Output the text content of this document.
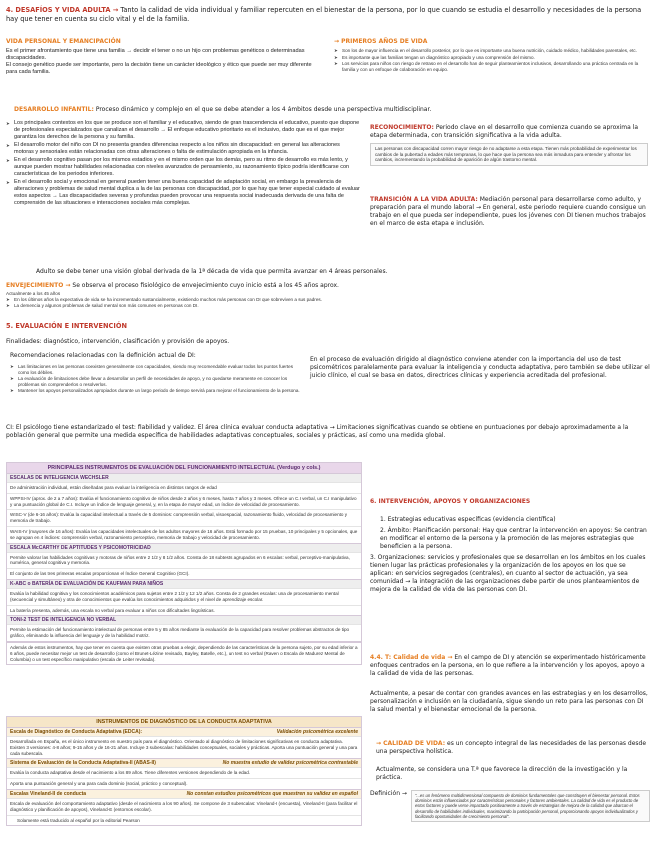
4. DESAFÍOS Y VIDA ADULTA → Tanto la calidad de vida individual y familiar repercuten en el bienestar de la persona, por lo que cuando se estudia el desarrollo y necesidades de la persona hay que tener en cuenta su ciclo vital y el de la familia.
VIDA PERSONAL Y EMANCIPACIÓN
Es el primer afrontamiento que tiene una familia → decidir el tener o no un hijo con problemas genéticos o determinadas discapacidades.
El consejo genético puede ser importante, pero la decisión tiene un carácter ideológico y ético que puede ser muy diferente para cada familia.
→ PRIMEROS AÑOS DE VIDA
➤ Son los de mayor influencia en el desarrollo posterior, por lo que es importante una buena nutrición, cuidado médico, habilidades parentales, etc.
➤ Es importante que las familias tengan un diagnóstico apropiado y una comprensión del mismo.
➤ Los servicios para niños con riesgo de retraso en el desarrollo han de seguir planteamientos inclusivos, desarrollando una práctica centrada en la familia y con un enfoque de colaboración en equipo.
DESARROLLO INFANTIL: Proceso dinámico y complejo en el que se debe atender a los 4 ámbitos desde una perspectiva multidisciplinar.
➤ Los principales contextos en los que se produce son el familiar y el educativo, siendo de gran trascendencia el educativo, puesto que dispone de profesionales especializados que canalizan el desarrollo → El enfoque educativo prioritario es el inclusivo, dado que es el que mejor garantiza los derechos de la persona y su familia.
➤ El desarrollo motor del niño con DI no presenta grandes diferencias respecto a los niños sin discapacidad: en general las alteraciones motoras y sensoriales están relacionadas con otras alteraciones o falta de estimulación apropiada en la infancia.
➤ En el desarrollo cognitivo pasan por los mismos estadios y en el mismo orden que los demás, pero su ritmo de desarrollo es más lento, y aunque pueden mostrar habilidades relacionadas con niveles avanzados de pensamiento, su razonamiento típico podría identificarse con características de los periodos inferiores.
➤ En el desarrollo social y emocional en general pueden tener una buena capacidad de adaptación social, en embargo la prevalencia de alteraciones y problemas de salud mental duplica a la de las personas con discapacidad, por lo que hay que tener especial cuidado al evaluar estos aspectos → Las discapacidades severas y profundas pueden provocar una respuesta social inadecuada derivada de una falta de comprensión de las situaciones e interacciones sociales más complejas.
RECONOCIMIENTO: Periodo clave en el desarrollo que comienza cuando se aproxima la etapa determinada, con transición significativa a la vida adulta.
Las personas con discapacidad corren mayor riesgo de no adaptarse a esta etapa. Tienen más probabilidad de experimentar los cambios de la pubertad a edades más tempranas, lo que hace que la persona sea más inmadura para entender y afrontar los cambios, incrementando la probabilidad de aparición de algún trastorno mental.
TRANSICIÓN A LA VIDA ADULTA: Mediación personal para desarrollarse como adulto, y preparación para el mundo laboral → En general, este periodo requiere cuando consigue un trabajo en el que pueda ser independiente, pues los jóvenes con DI tienen muchos trabajos en el marco de esta etapa e inclusión.
Adulto se debe tener una visión global derivada de la 1ª década de vida que permita avanzar en 4 áreas personales.
ENVEJECIMIENTO → Se observa el proceso fisiológico de envejecimiento cuyo inicio está a los 45 años aprox.
Actualmente a los 45 años
➤ En los últimos años la expectativa de vida se ha incrementado sustancialmente, existiendo muchos más personas con DI que sobreviven a sus padres.
➤ La demencia y algunos problemas de salud mental son más comunes en personas con DI.
5. EVALUACIÓN E INTERVENCIÓN
Finalidades: diagnóstico, intervención, clasificación y provisión de apoyos.
Recomendaciones relacionadas con la definición actual de DI:
➤ Las limitaciones en las personas coexisten generalmente con capacidades, siendo muy recomendable evaluar todos los puntos fuertes como los débiles.
➤ La evaluación de limitaciones debe llevar a desarrollar un perfil de necesidades de apoyo, y no quedarse meramente en conocer los problemas sin comprenderlos o resolverlos.
➤ Mantener los apoyos personalizados apropiados durante un largo periodo de tiempo servirá para mejorar el funcionamiento de la persona.
En el proceso de evaluación dirigido al diagnóstico conviene atender con la importancia del uso de test psicométricos paralelamente para evaluar la inteligencia y conducta adaptativa, pero también se debe utilizar el juicio clínico, el cual se basa en datos, directrices clínicas y experiencia acreditada del profesional.
CI: El psicólogo tiene estandarizado el test: fiabilidad y validez. El área clínica evaluar conducta adaptativa → Limitaciones significativas cuando se obtiene en puntuaciones por debajo aproximadamente a la población general que permite una medida específica de habilidades adaptativas conceptuales, sociales y prácticas, así como una medida global.
PRINCIPALES INSTRUMENTOS DE EVALUACIÓN DEL FUNCIONAMIENTO INTELECTUAL (Verdugo y cols.)
ESCALAS DE INTELIGENCIA WECHSLER
De administración individual, están diseñadas para evaluar la inteligencia en distintos rangos de edad
WPPSI-IV (aprox. de 2 a 7 años): Evalúa el funcionamiento cognitivo de niños desde 2 años y 6 meses, hasta 7 años y 3 meses. Ofrece un C.I verbal, un C.I manipulativo y una puntuación global de C.I. Incluye un índice de lenguaje general, y, en la etapa de mayor edad, un índice de velocidad de procesamiento.
WISC-V (de 6-16 años): Evalúa la capacidad intelectual a través de 5 dominios: comprensión verbal, visoespacial, razonamiento fluido, velocidad de procesamiento y memoria de trabajo.
WAIS-IV (mayores de 16 años): Evalúa las capacidades intelectuales de los adultos mayores de 16 años. Está formado por 15 pruebas, 10 principales y 5 opcionales, que se agrupan en 4 índices: comprensión verbal, razonamiento perceptivo, memoria de trabajo y velocidad de procesamiento.
ESCALA McCARTHY DE APTITUDES Y PSICOMOTRICIDAD
Permite valorar las habilidades cognitivas y motoras de niños entre 2 1/2 y 8 1/2 años. Consta de 18 subtests agrupados en 6 escalas: verbal, perceptivo-manipulativa, numérica, general cognitiva y memoria.
El conjunto de las tres primeras escalas proporcionan el Índice General Cognitivo (GCI).
K-ABC o BATERÍA DE EVALUACIÓN DE KAUFMAN PARA NIÑOS
Evalúa la habilidad cognitiva y los conocimientos académicos para sujetos entre 2 1/2 y 12 1/2 años. Consta de 2 grandes escalas: una de procesamiento mental (secuencial y simultáneo) y otra de conocimientos que evalúa los conocimientos adquiridos y el nivel de aprendizaje escolar.
La batería presenta, además, una escala no verbal para evaluar a niños con dificultades lingüísticas.
TONI-2 TEST DE INTELIGENCIA NO VERBAL
Permite la estimación del funcionamiento intelectual de personas entre 5 y 85 años mediante la evaluación de la capacidad para resolver problemas abstractos de tipo gráfico, eliminando la influencia del lenguaje y de la habilidad motriz.
Además de estos instrumentos, hay que tener en cuenta que existen otras pruebas a elegir, dependiendo de las características de la persona sujeto, por su edad inferior a 6 años, puede necesitar mejor un test de desarrollo (como el Brunet-Lézine revisado, Bayley, Batelle, etc.), un test no verbal (Raven o Escala de Madurez Mental de Columbia) o un test específico manipulativo (escala de Leiter revisada).
INSTRUMENTOS DE DIAGNÓSTICO DE LA CONDUCTA ADAPTATIVA
Escala de Diagnóstico de Conducta Adaptativa (EDCA):	Validación psicométrica excelente
Desarrollada en España, es el único instrumento en nuestro país para el diagnóstico. Orientado al diagnóstico de limitaciones significativas en conducta adaptativa. Existen 3 versiones: 4-8 años; 9-15 años y de 16-21 años. Incluye 3 subescalas: habilidades conceptuales, sociales y prácticas. Aporta una puntuación general y una para cada subescala.
Sistema de Evaluación de la Conducta Adaptativa-II (ABAS-II)	No muestra estudio de validez psicométrica contrastable
Evalúa la conducta adaptativa desde el nacimiento a los 89 años. Tiene diferentes versiones dependiendo de la edad.
Aporta una puntuación general y una para cada dominio (social, práctico y conceptual).
Escalas Vineland-II de conducta	No constan estudios psicométricos que muestren su validez en español
Escala de evaluación del comportamiento adaptativo (desde el nacimiento a los 90 años). Se compone de 3 subescalas: Vineland-I (encuesta), Vineland-II (para facilitar el diagnóstico y planificación de apoyos), Vineland-E (entornos escolar).
Solamente está traducido al español por la editorial Pearson
6. INTERVENCIÓN, APOYOS Y ORGANIZACIONES
1. Estrategias educativas específicas (evidencia científica)
2. Ámbito: Planificación personal: Hay que centrar la intervención en apoyos: Se centran en modificar el entorno de la persona y la promoción de las mejores estrategias que beneficien a la persona.
3. Organizaciones: servicios y profesionales que se desarrollan en los ámbitos en los cuales tienen lugar las prácticas profesionales y la organización de los apoyos en los que se aplican: en servicios segregados (centrales), en cuanto al sector de actuación, ya sea comunidad → la integración de las organizaciones debe partir de unos planteamientos de mejora de la calidad de vida de las personas con DI.
4.4. T: Calidad de vida → En el campo de DI y atención se experimentado históricamente enfoques centrados en la persona, en lo que refiere a la intervención y los apoyos, apoyo a la calidad de vida de las personas.
Actualmente, a pesar de contar con grandes avances en las estrategias y en los desarrollos, personalización e inclusión en la ciudadanía, sigue siendo un reto para las personas con DI la salud mental y el bienestar emocional de la persona.
→ CALIDAD DE VIDA: es un concepto integral de las necesidades de las personas desde una perspectiva holística.
Actualmente, se considera una T.ª que favorece la dirección de la investigación y la práctica.
Definición →	"...es un fenómeno multidimensional compuesto de dominios fundamentales que constituyen el bienestar personal. Estos dominios están influenciados por características personales y factores ambientales. La calidad de vida es el producto de estos factores y puede verse impactado positivamente a través de estrategias de mejora de la calidad que abarcan el desarrollo de habilidades individuales, maximizando la participación personal, proporcionando apoyos individualizados y facilitando oportunidades de crecimiento personal".
